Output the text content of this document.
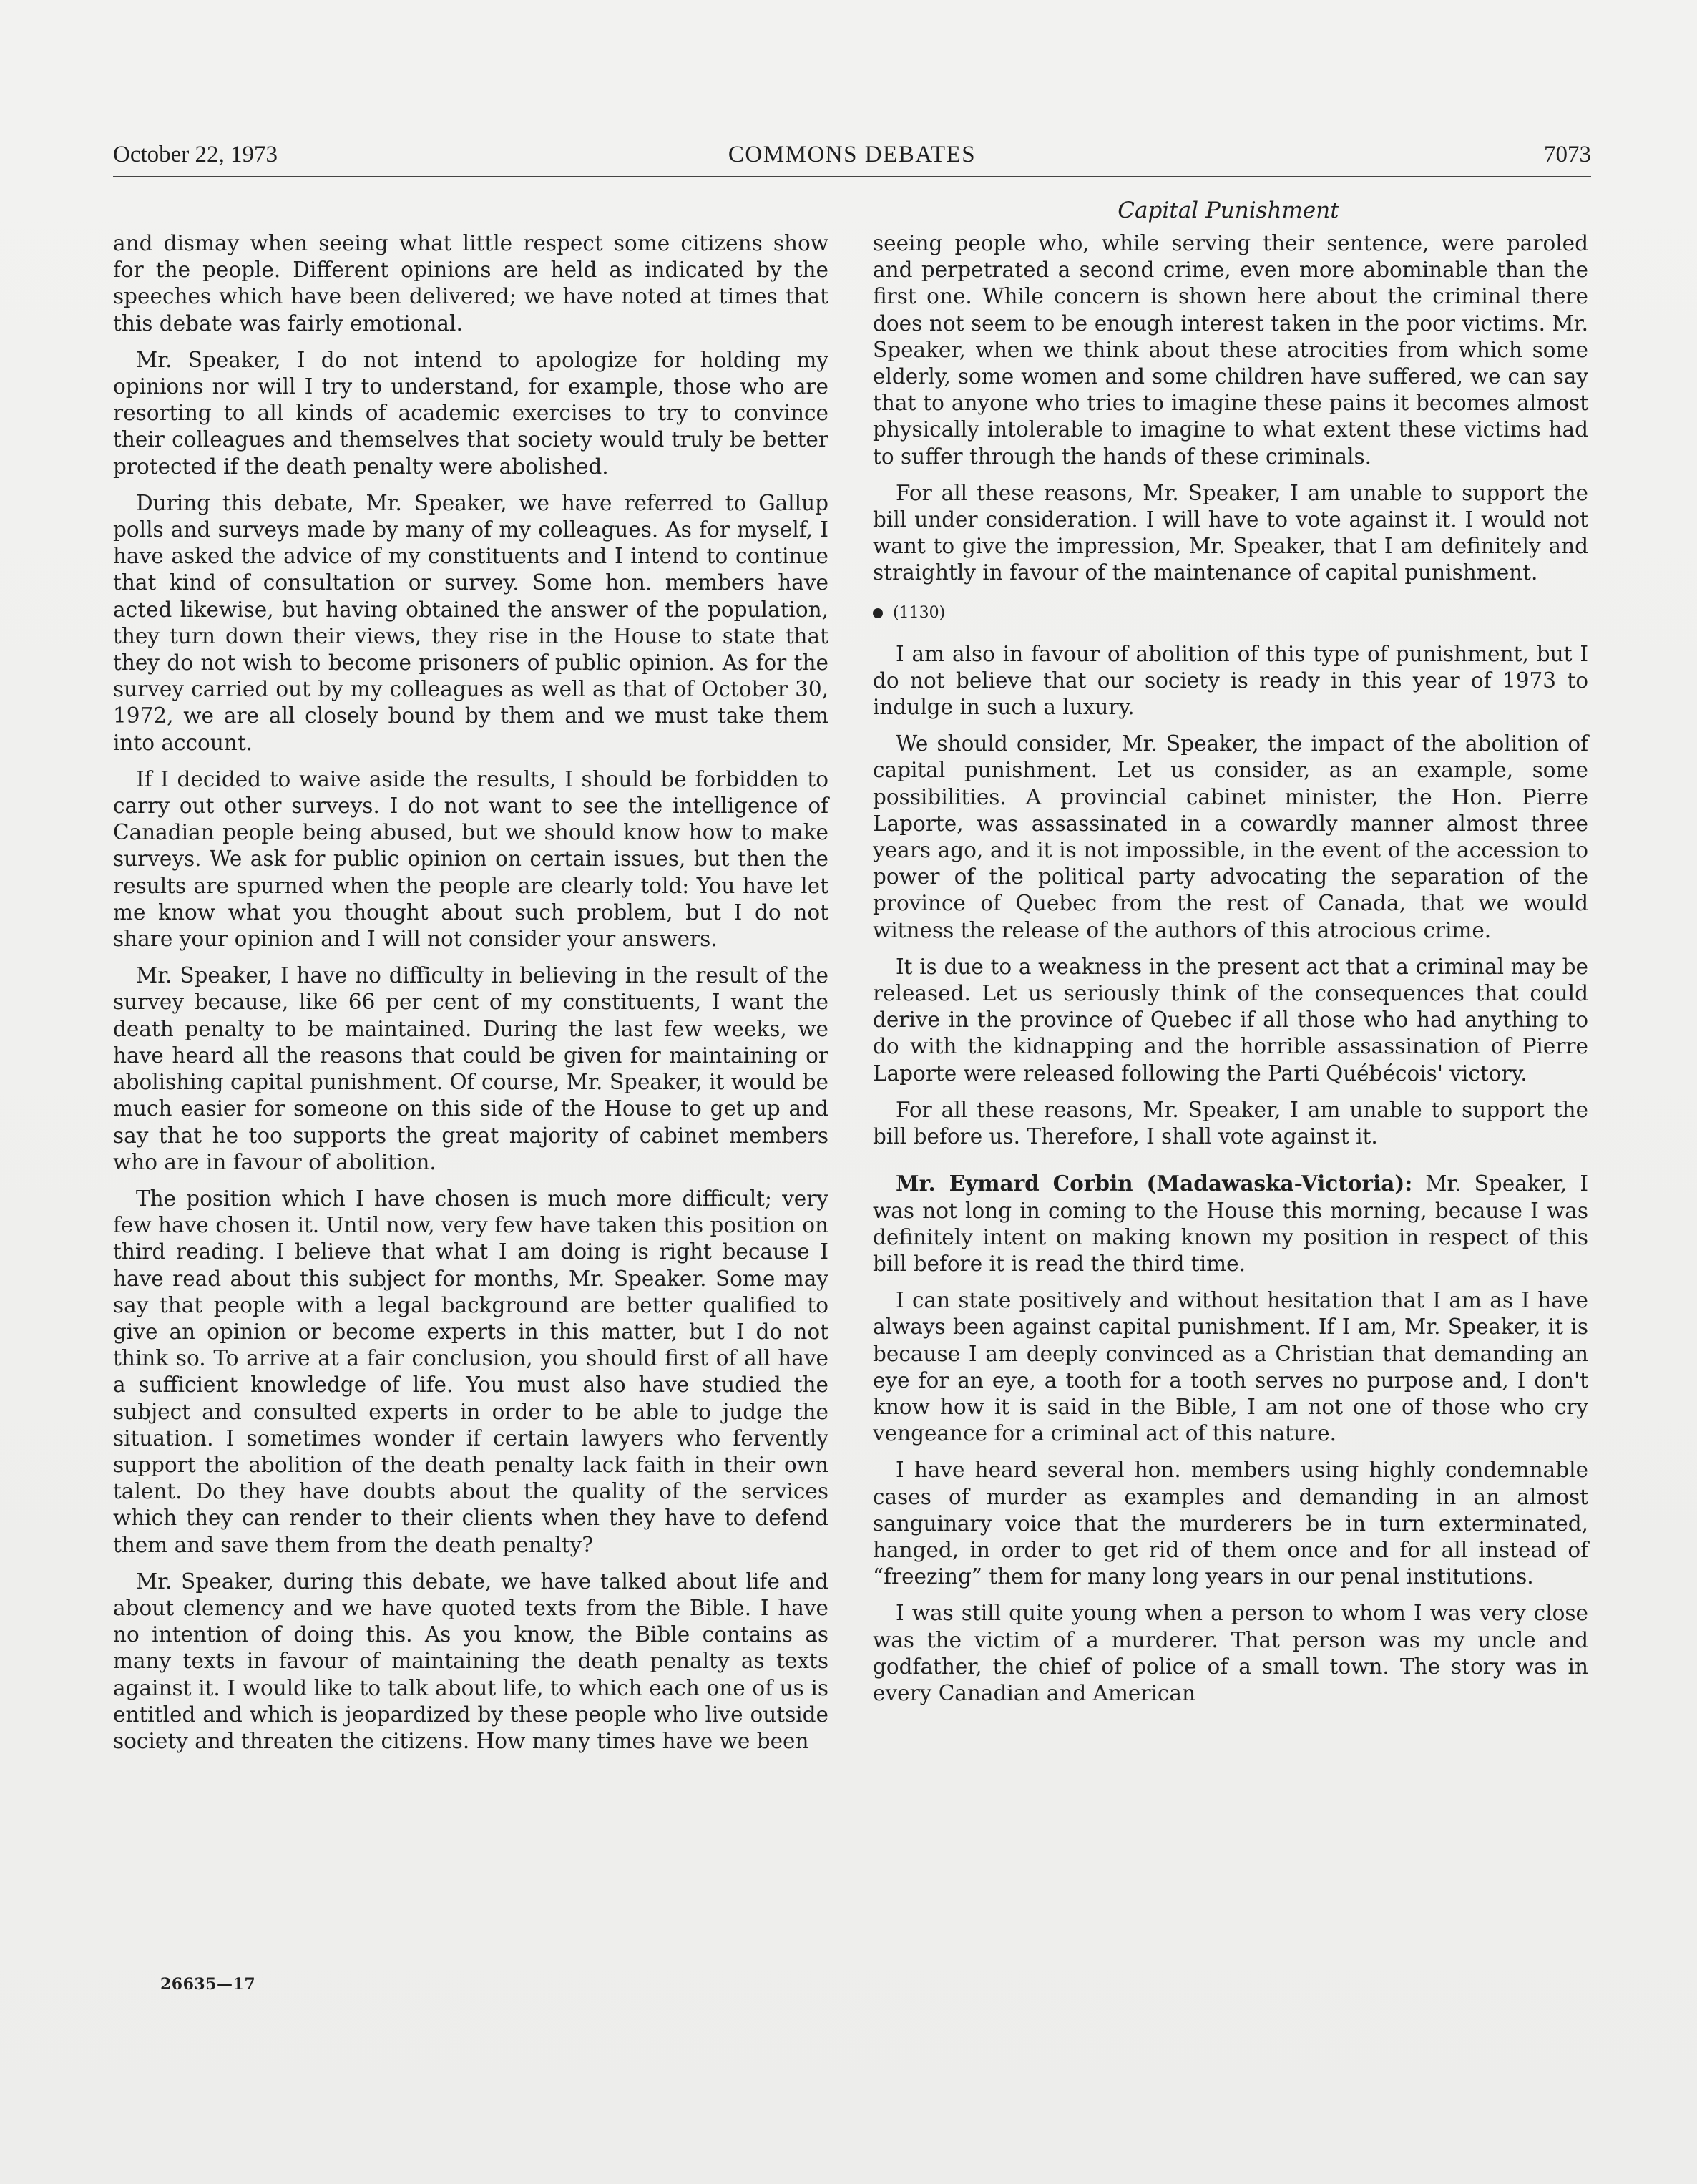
October 22, 1973	COMMONS DEBATES	7073
Capital Punishment

and dismay when seeing what little respect some citizens show for the people. Different opinions are held as indicated by the speeches which have been delivered; we have noted at times that this debate was fairly emotional.

Mr. Speaker, I do not intend to apologize for holding my opinions nor will I try to understand, for example, those who are resorting to all kinds of academic exercises to try to convince their colleagues and themselves that society would truly be better protected if the death penalty were abolished.

During this debate, Mr. Speaker, we have referred to Gallup polls and surveys made by many of my colleagues. As for myself, I have asked the advice of my constituents and I intend to continue that kind of consultation or survey. Some hon. members have acted likewise, but having obtained the answer of the population, they turn down their views, they rise in the House to state that they do not wish to become prisoners of public opinion. As for the survey carried out by my colleagues as well as that of October 30, 1972, we are all closely bound by them and we must take them into account.

If I decided to waive aside the results, I should be forbidden to carry out other surveys. I do not want to see the intelligence of Canadian people being abused, but we should know how to make surveys. We ask for public opinion on certain issues, but then the results are spurned when the people are clearly told: You have let me know what you thought about such problem, but I do not share your opinion and I will not consider your answers.

Mr. Speaker, I have no difficulty in believing in the result of the survey because, like 66 per cent of my constituents, I want the death penalty to be maintained. During the last few weeks, we have heard all the reasons that could be given for maintaining or abolishing capital punishment. Of course, Mr. Speaker, it would be much easier for someone on this side of the House to get up and say that he too supports the great majority of cabinet members who are in favour of abolition.

The position which I have chosen is much more difficult; very few have chosen it. Until now, very few have taken this position on third reading. I believe that what I am doing is right because I have read about this subject for months, Mr. Speaker. Some may say that people with a legal background are better qualified to give an opinion or become experts in this matter, but I do not think so. To arrive at a fair conclusion, you should first of all have a sufficient knowledge of life. You must also have studied the subject and consulted experts in order to be able to judge the situation. I sometimes wonder if certain lawyers who fervently support the abolition of the death penalty lack faith in their own talent. Do they have doubts about the quality of the services which they can render to their clients when they have to defend them and save them from the death penalty?

Mr. Speaker, during this debate, we have talked about life and about clemency and we have quoted texts from the Bible. I have no intention of doing this. As you know, the Bible contains as many texts in favour of maintaining the death penalty as texts against it. I would like to talk about life, to which each one of us is entitled and which is jeopardized by these people who live outside society and threaten the citizens. How many times have we been

seeing people who, while serving their sentence, were paroled and perpetrated a second crime, even more abominable than the first one. While concern is shown here about the criminal there does not seem to be enough interest taken in the poor victims. Mr. Speaker, when we think about these atrocities from which some elderly, some women and some children have suffered, we can say that to anyone who tries to imagine these pains it becomes almost physically intolerable to imagine to what extent these victims had to suffer through the hands of these criminals.

For all these reasons, Mr. Speaker, I am unable to support the bill under consideration. I will have to vote against it. I would not want to give the impression, Mr. Speaker, that I am definitely and straightly in favour of the maintenance of capital punishment.

(1130)

I am also in favour of abolition of this type of punishment, but I do not believe that our society is ready in this year of 1973 to indulge in such a luxury.

We should consider, Mr. Speaker, the impact of the abolition of capital punishment. Let us consider, as an example, some possibilities. A provincial cabinet minister, the Hon. Pierre Laporte, was assassinated in a cowardly manner almost three years ago, and it is not impossible, in the event of the accession to power of the political party advocating the separation of the province of Quebec from the rest of Canada, that we would witness the release of the authors of this atrocious crime.

It is due to a weakness in the present act that a criminal may be released. Let us seriously think of the consequences that could derive in the province of Quebec if all those who had anything to do with the kidnapping and the horrible assassination of Pierre Laporte were released following the Parti Québécois' victory.

For all these reasons, Mr. Speaker, I am unable to support the bill before us. Therefore, I shall vote against it.

Mr. Eymard Corbin (Madawaska-Victoria): Mr. Speaker, I was not long in coming to the House this morning, because I was definitely intent on making known my position in respect of this bill before it is read the third time.

I can state positively and without hesitation that I am as I have always been against capital punishment. If I am, Mr. Speaker, it is because I am deeply convinced as a Christian that demanding an eye for an eye, a tooth for a tooth serves no purpose and, I don't know how it is said in the Bible, I am not one of those who cry vengeance for a criminal act of this nature.

I have heard several hon. members using highly condemnable cases of murder as examples and demanding in an almost sanguinary voice that the murderers be in turn exterminated, hanged, in order to get rid of them once and for all instead of “freezing” them for many long years in our penal institutions.

I was still quite young when a person to whom I was very close was the victim of a murderer. That person was my uncle and godfather, the chief of police of a small town. The story was in every Canadian and American

26635—17
